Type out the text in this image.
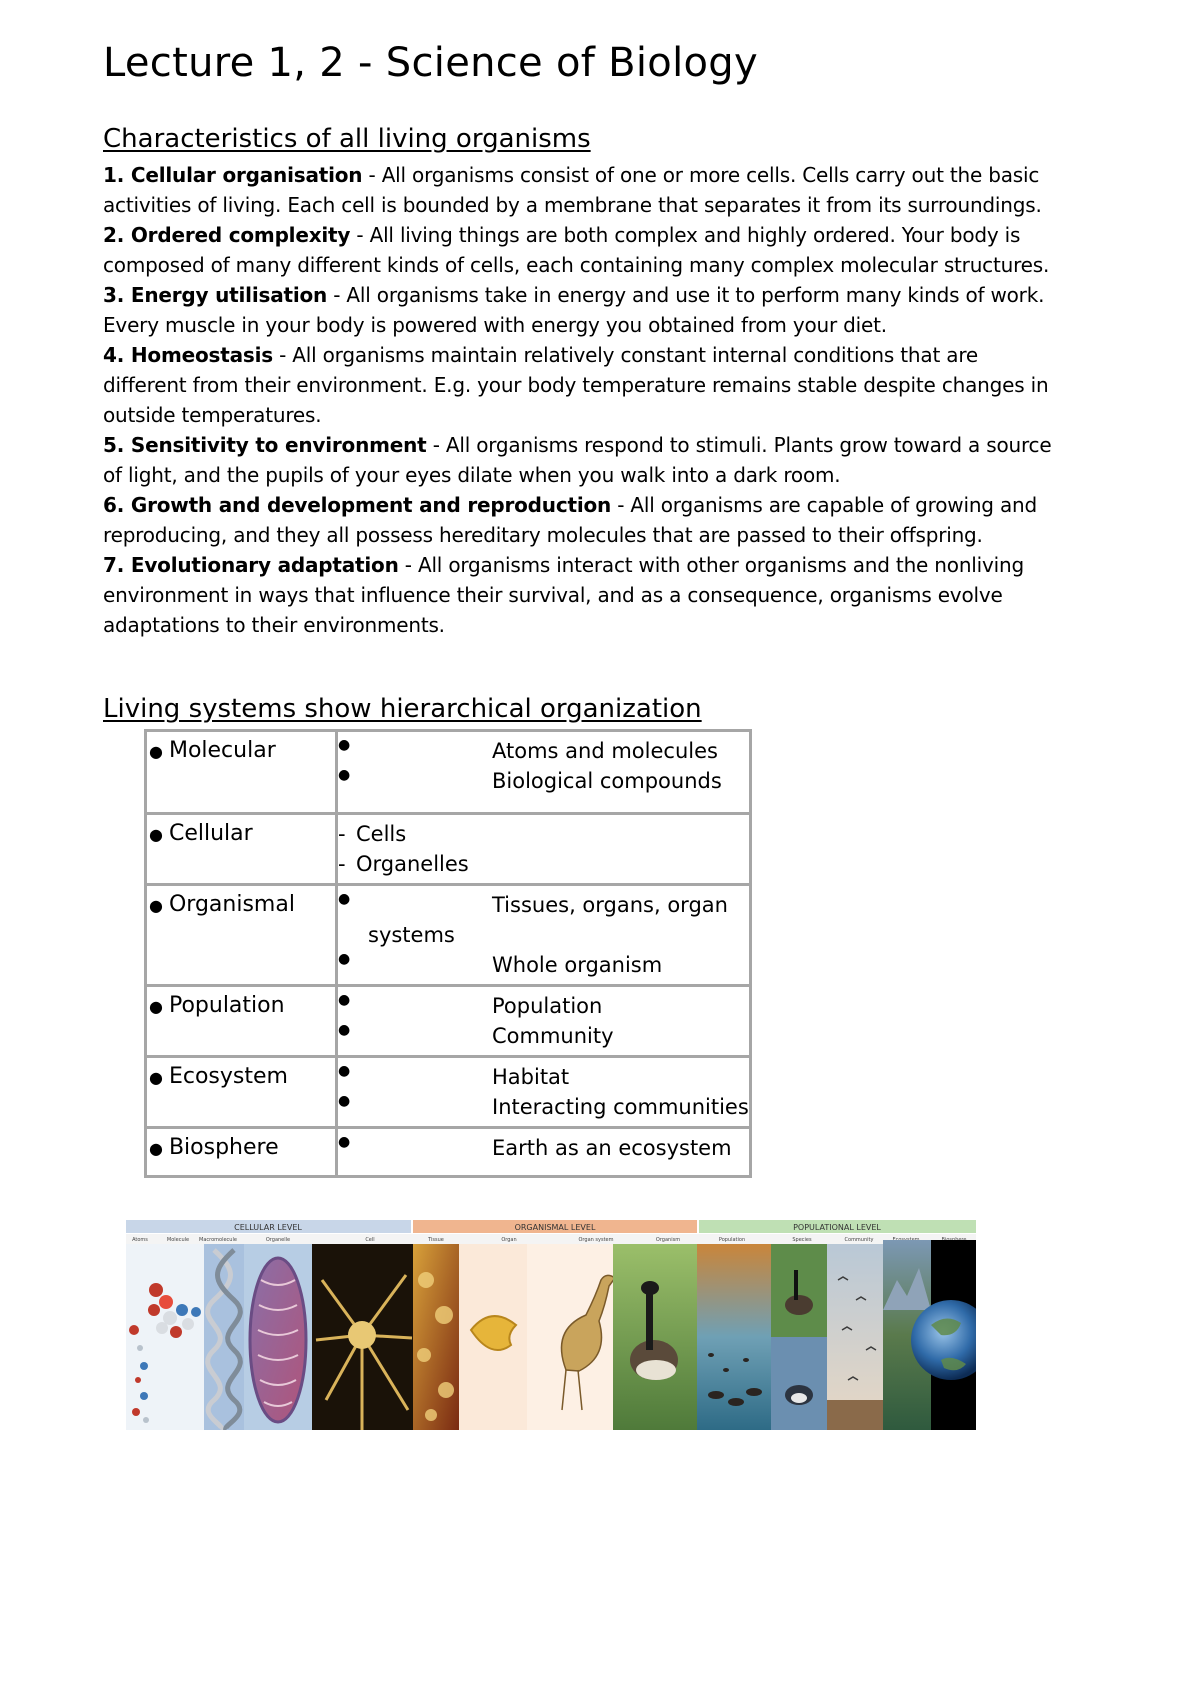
Lecture 1, 2 - Science of Biology
Characteristics of all living organisms

1. Cellular organisation - All organisms consist of one or more cells. Cells carry out the basic activities of living. Each cell is bounded by a membrane that separates it from its surroundings.

2. Ordered complexity - All living things are both complex and highly ordered. Your body is composed of many different kinds of cells, each containing many complex molecular structures.

3. Energy utilisation - All organisms take in energy and use it to perform many kinds of work. Every muscle in your body is powered with energy you obtained from your diet.

4. Homeostasis - All organisms maintain relatively constant internal conditions that are different from their environment. E.g. your body temperature remains stable despite changes in outside temperatures.

5. Sensitivity to environment - All organisms respond to stimuli. Plants grow toward a source of light, and the pupils of your eyes dilate when you walk into a dark room.

6. Growth and development and reproduction - All organisms are capable of growing and reproducing, and they all possess hereditary molecules that are passed to their offspring.

7. Evolutionary adaptation - All organisms interact with other organisms and the nonliving environment in ways that influence their survival, and as a consequence, organisms evolve adaptations to their environments.

Living systems show hierarchical organization
● Molecular	● Atoms and molecules
● Biological compounds

● Cellular	- Cells
- Organelles

● Organismal	● Tissues, organs, organ
systems
● Whole organism

● Population	● Population
● Community

● Ecosystem	● Habitat
● Interacting communities

● Biosphere	● Earth as an ecosystem
CELLULAR LEVEL	ORGANISMAL LEVEL	POPULATIONAL LEVEL
Atoms	Molecule Macromolecule	Organelle	Cell	Tissue	Organ	Organ system	Organism	Population	Species	Community
